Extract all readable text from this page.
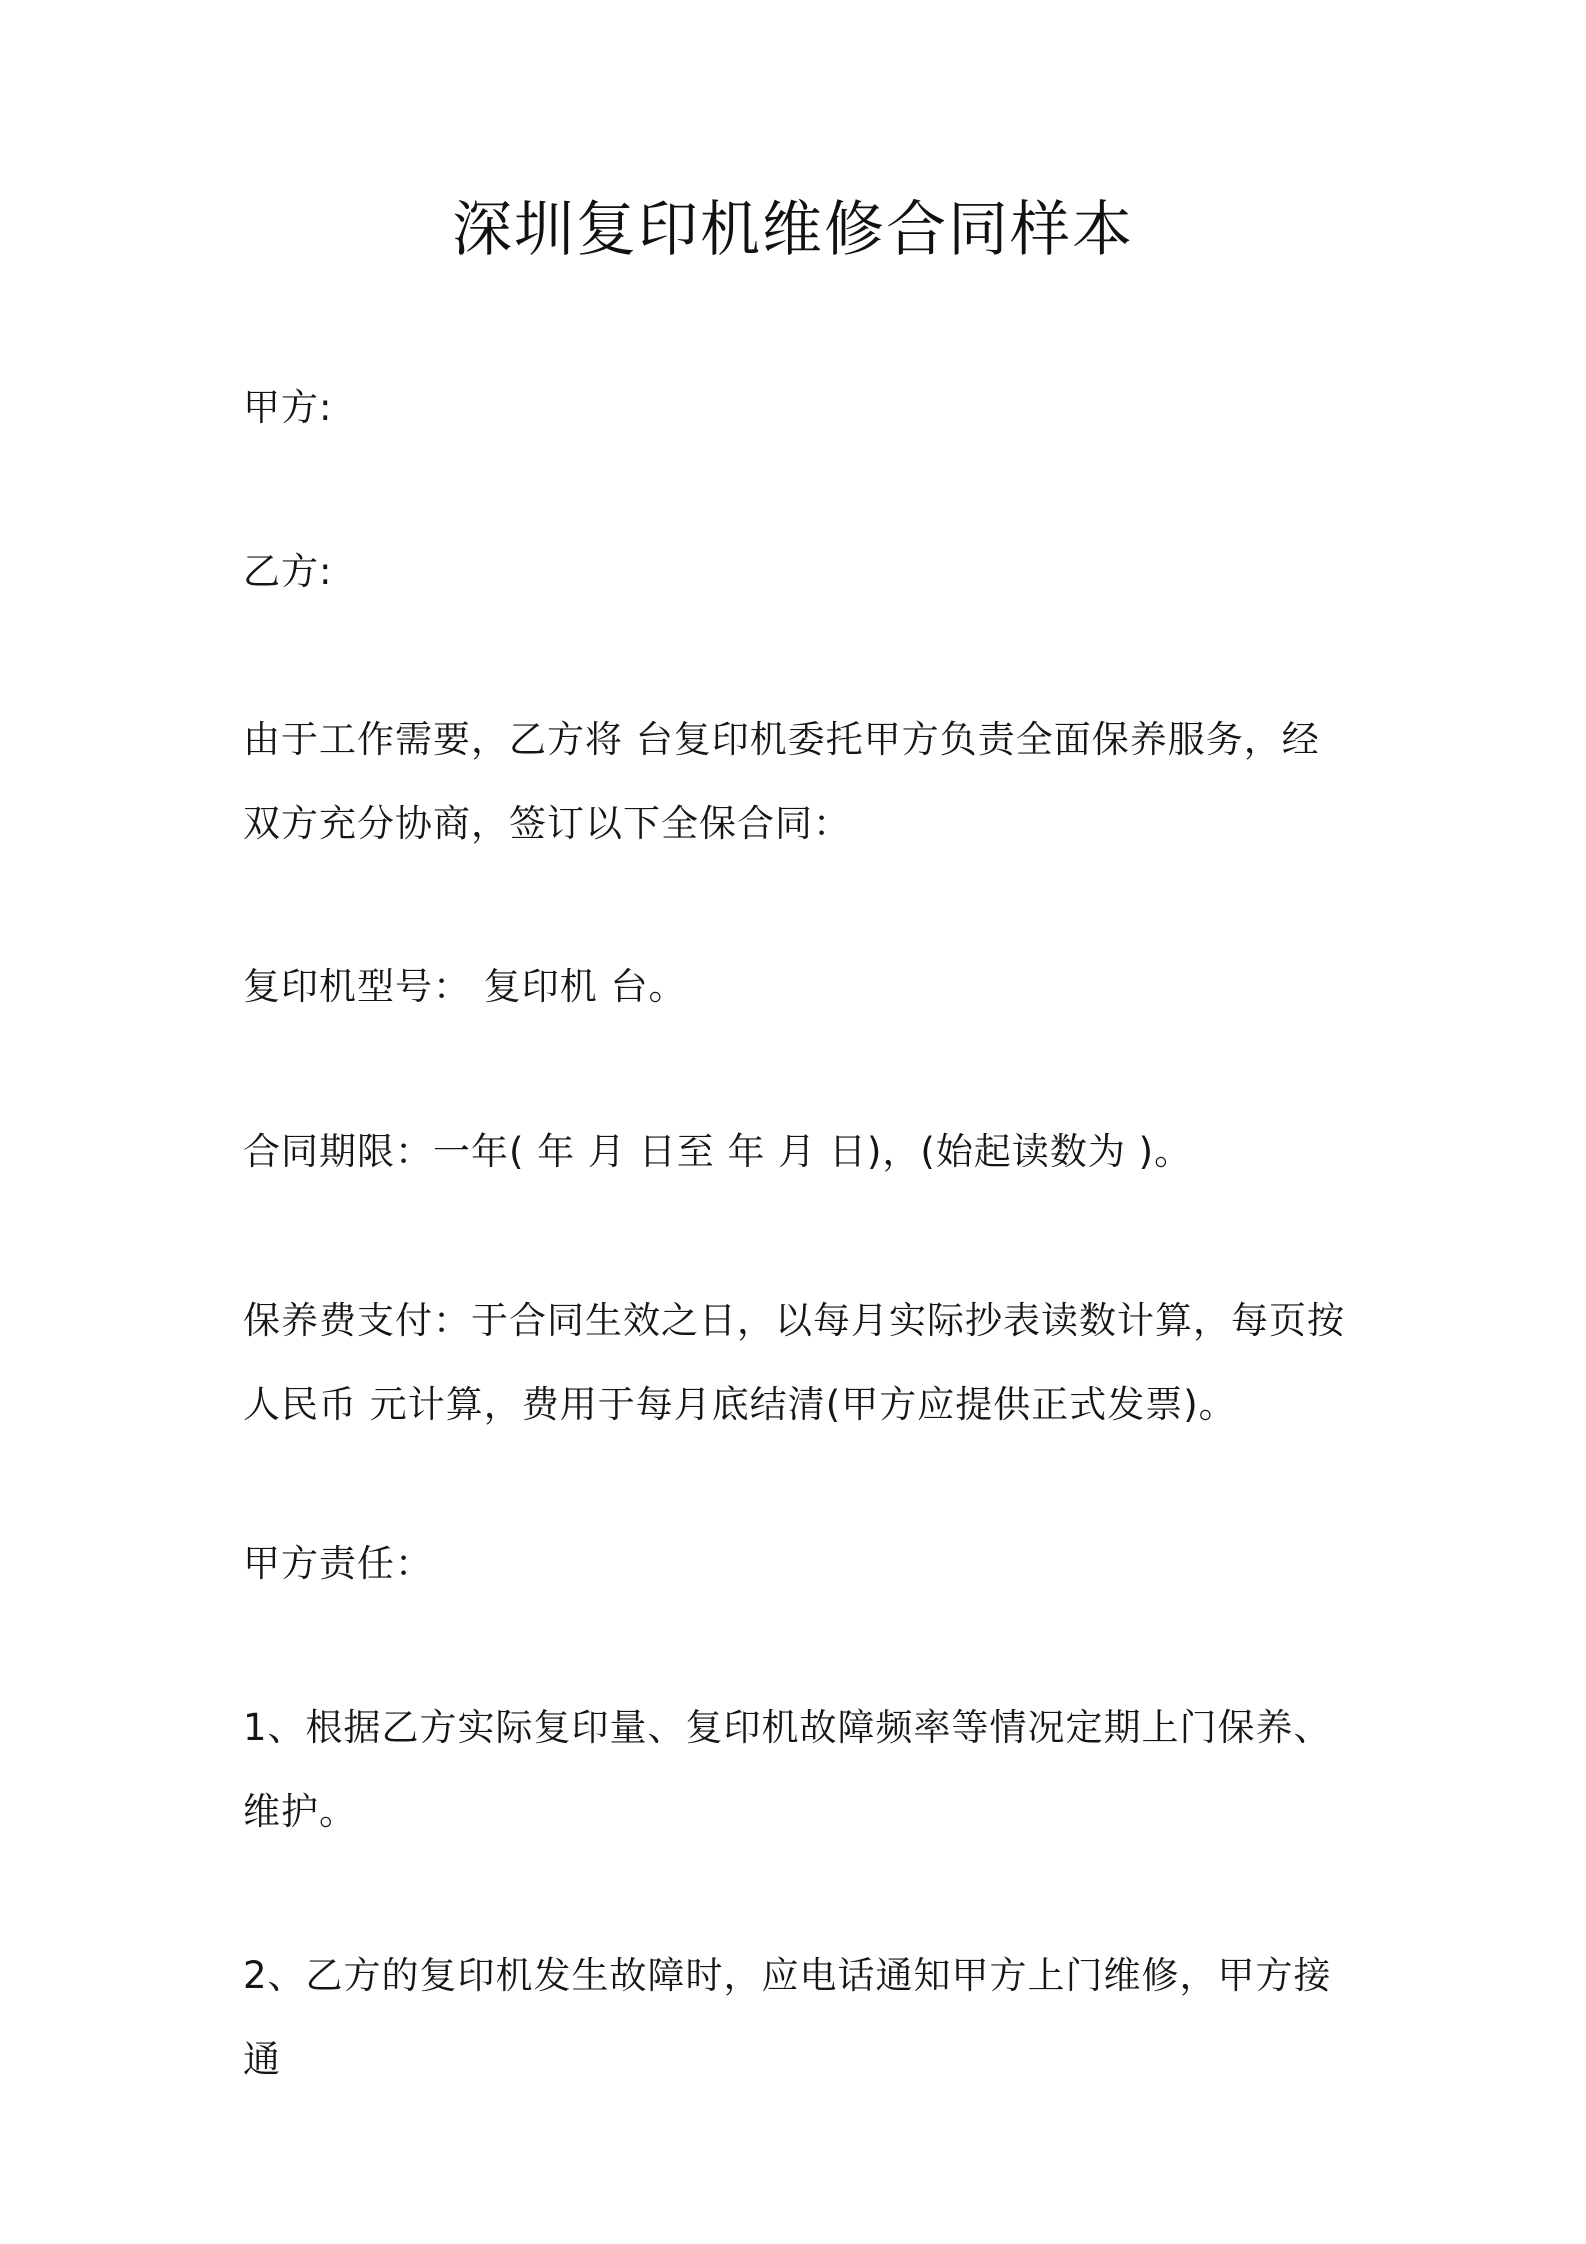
深圳复印机维修合同样本
甲方:
乙方:
由于工作需要，乙方将 台复印机委托甲方负责全面保养服务，经双方充分协商，签订以下全保合同：
复印机型号： 复印机 台。
合同期限：一年( 年 月 日至 年 月 日)，(始起读数为 )。
保养费支付：于合同生效之日，以每月实际抄表读数计算，每页按人民币 元计算，费用于每月底结清(甲方应提供正式发票)。
甲方责任：
1、根据乙方实际复印量、复印机故障频率等情况定期上门保养、维护。
2、乙方的复印机发生故障时，应电话通知甲方上门维修，甲方接通
